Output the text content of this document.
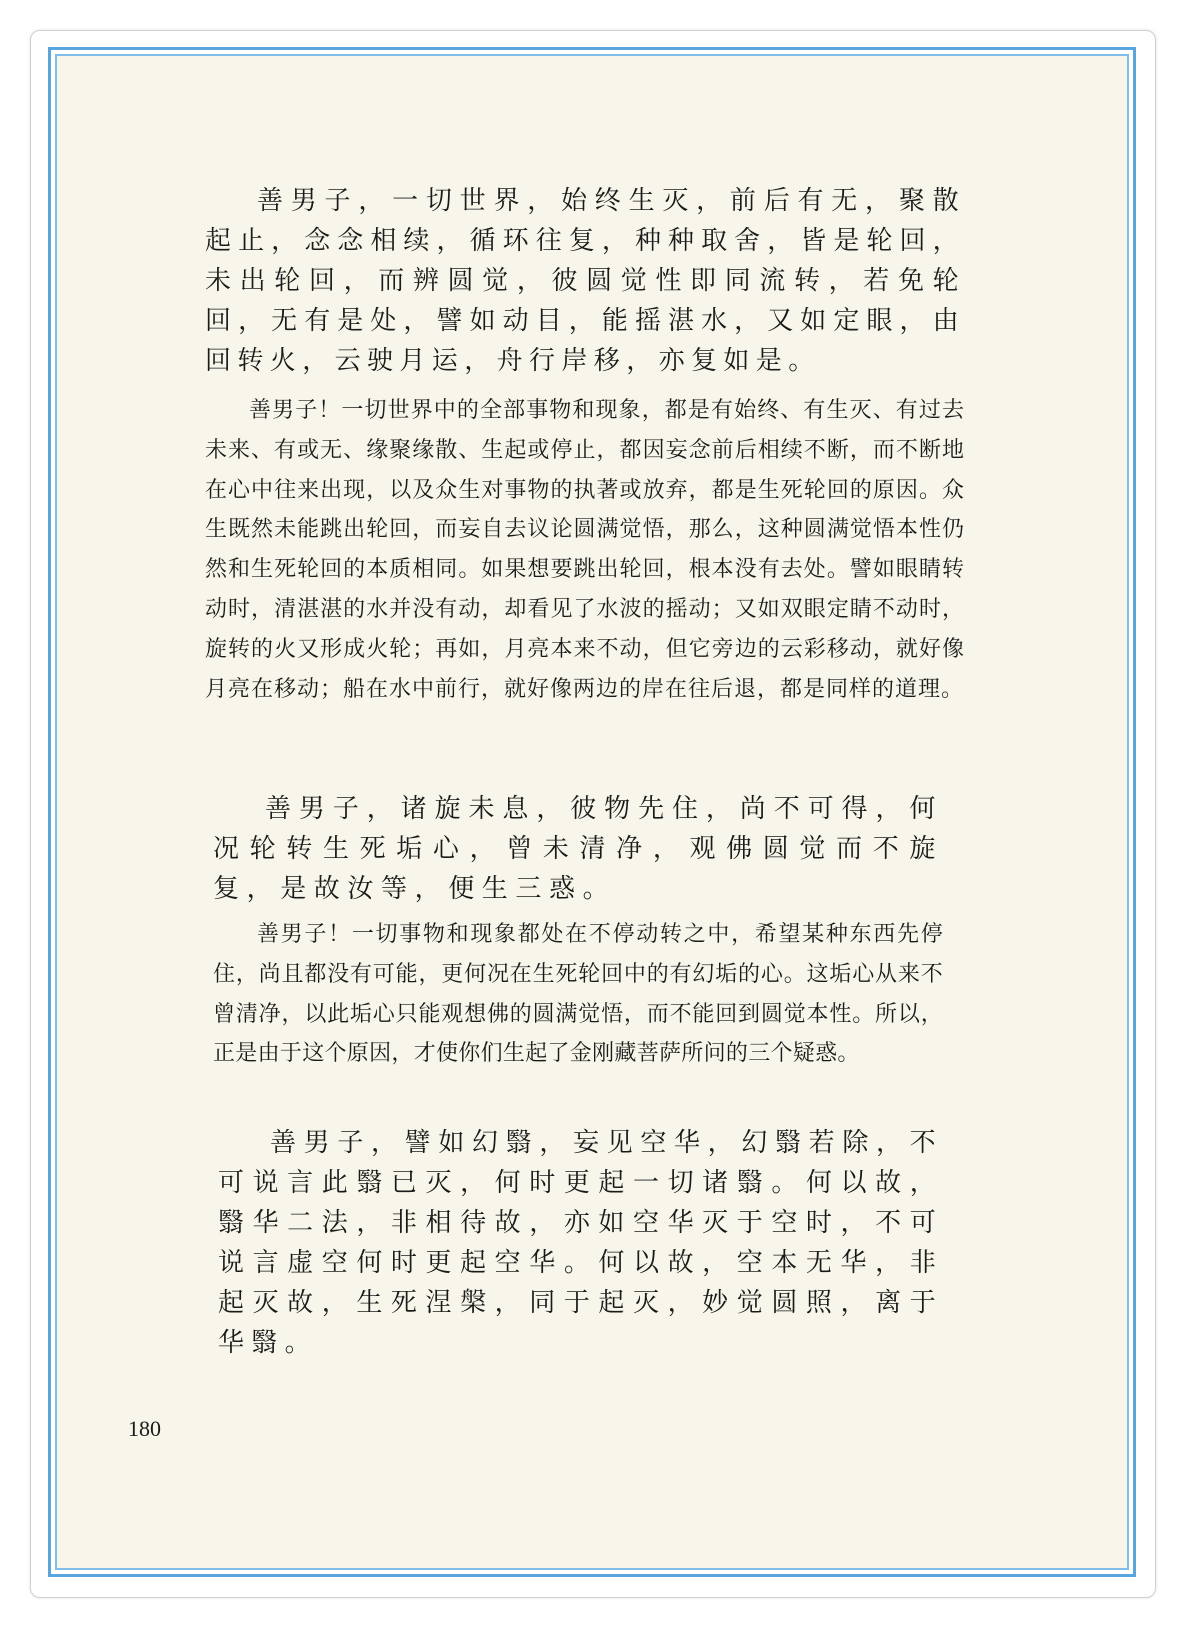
善男子，一切世界，始终生灭，前后有无，聚散起止，念念相续，循环往复，种种取舍，皆是轮回，未出轮回，而辨圆觉，彼圆觉性即同流转，若免轮回，无有是处，譬如动目，能摇湛水，又如定眼，由回转火，云驶月运，舟行岸移，亦复如是。

善男子！一切世界中的全部事物和现象，都是有始终、有生灭、有过去未来、有或无、缘聚缘散、生起或停止，都因妄念前后相续不断，而不断地在心中往来出现，以及众生对事物的执著或放弃，都是生死轮回的原因。众生既然未能跳出轮回，而妄自去议论圆满觉悟，那么，这种圆满觉悟本性仍然和生死轮回的本质相同。如果想要跳出轮回，根本没有去处。譬如眼睛转动时，清湛湛的水并没有动，却看见了水波的摇动；又如双眼定睛不动时，旋转的火又形成火轮；再如，月亮本来不动，但它旁边的云彩移动，就好像月亮在移动；船在水中前行，就好像两边的岸在往后退，都是同样的道理。

善男子，诸旋未息，彼物先住，尚不可得，何况轮转生死垢心，曾未清净，观佛圆觉而不旋复，是故汝等，便生三惑。

善男子！一切事物和现象都处在不停动转之中，希望某种东西先停住，尚且都没有可能，更何况在生死轮回中的有幻垢的心。这垢心从来不曾清净，以此垢心只能观想佛的圆满觉悟，而不能回到圆觉本性。所以，正是由于这个原因，才使你们生起了金刚藏菩萨所问的三个疑惑。

善男子，譬如幻翳，妄见空华，幻翳若除，不可说言此翳已灭，何时更起一切诸翳。何以故，翳华二法，非相待故，亦如空华灭于空时，不可说言虚空何时更起空华。何以故，空本无华，非起灭故，生死涅槃，同于起灭，妙觉圆照，离于华翳。

180
